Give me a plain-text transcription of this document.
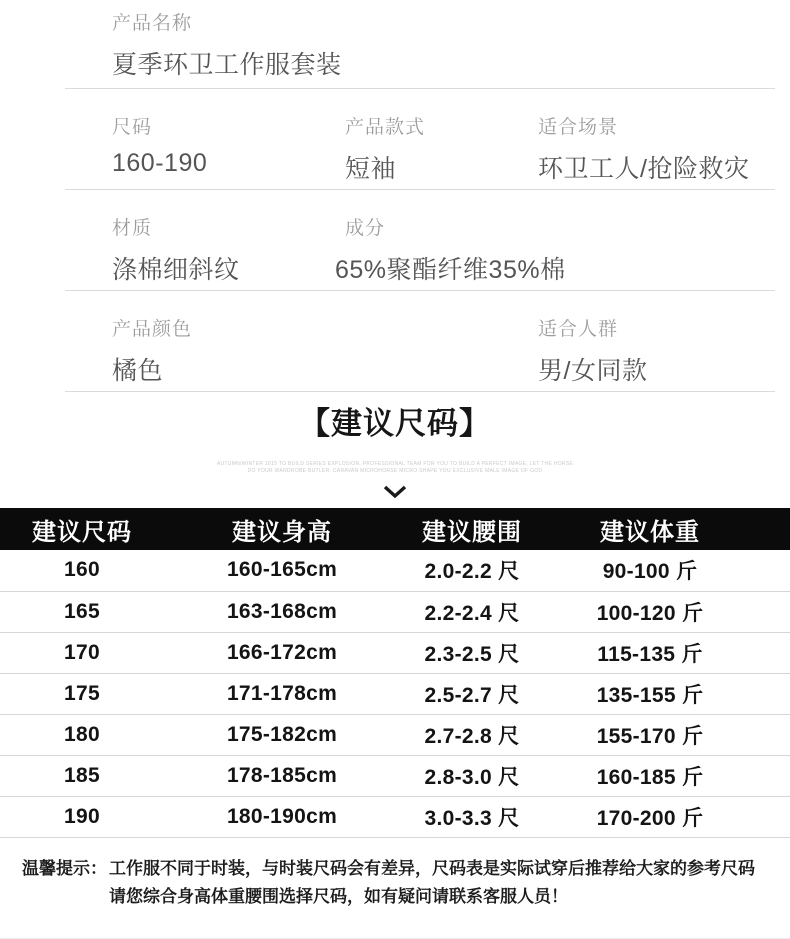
产品名称
夏季环卫工作服套装
尺码
160-190
产品款式
短袖
适合场景
环卫工人/抢险救灾
材质
涤棉细斜纹
成分
65%聚酯纤维35%棉
产品颜色
橘色
适合人群
男/女同款
【建议尺码】
AUTUMN/WINTER 2015 TO BUILD SERIES EXPLOSION, PROFESSIONAL TEAM FOR YOU TO BUILD A PERFECT IMAGE, LET THE HORSE
DO YOUR WARDROBE BUTLER, CARAVAN MICROHORSE MICRO SHAPE YOU EXCLUSIVE MALE IMAGE OF GOD
建议尺码	建议身高	建议腰围	建议体重	
160	160-165cm	2.0-2.2 尺	90-100 斤	
165	163-168cm	2.2-2.4 尺	100-120 斤	
170	166-172cm	2.3-2.5 尺	115-135 斤	
175	171-178cm	2.5-2.7 尺	135-155 斤	
180	175-182cm	2.7-2.8 尺	155-170 斤	
185	178-185cm	2.8-3.0 尺	160-185 斤	
190	180-190cm	3.0-3.3 尺	170-200 斤	
温馨提示： 工作服不同于时装，与时装尺码会有差异，尺码表是实际试穿后推荐给大家的参考尺码
请您综合身高体重腰围选择尺码，如有疑问请联系客服人员！
